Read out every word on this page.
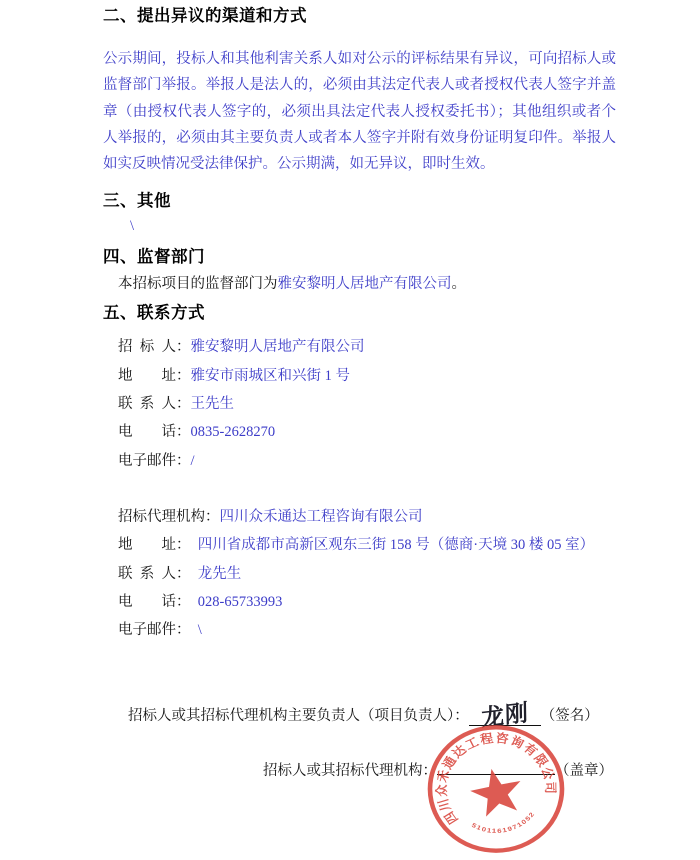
二、提出异议的渠道和方式

公示期间，投标人和其他利害关系人如对公示的评标结果有异议，可向招标人或监督部门举报。举报人是法人的，必须由其法定代表人或者授权代表人签字并盖章（由授权代表人签字的，必须出具法定代表人授权委托书）；其他组织或者个人举报的，必须由其主要负责人或者本人签字并附有效身份证明复印件。举报人如实反映情况受法律保护。公示期满，如无异议，即时生效。

三、其他

\

四、监督部门

本招标项目的监督部门为雅安黎明人居地产有限公司。

五、联系方式

招  标  人：雅安黎明人居地产有限公司
地        址：雅安市雨城区和兴街 1 号
联  系  人：王先生
电        话：0835-2628270
电子邮件：/
招标代理机构：四川众禾通达工程咨询有限公司
地        址：  四川省成都市高新区观东三街 158 号（德商·天境 30 楼 05 室）
联  系  人：  龙先生
电        话：  028-65733993
电子邮件：  \
招标人或其招标代理机构主要负责人（项目负责人）： 龙刚 （签名）
招标人或其招标代理机构：	（盖章）
四川众禾通达工程咨询有限公司
5101161971052
